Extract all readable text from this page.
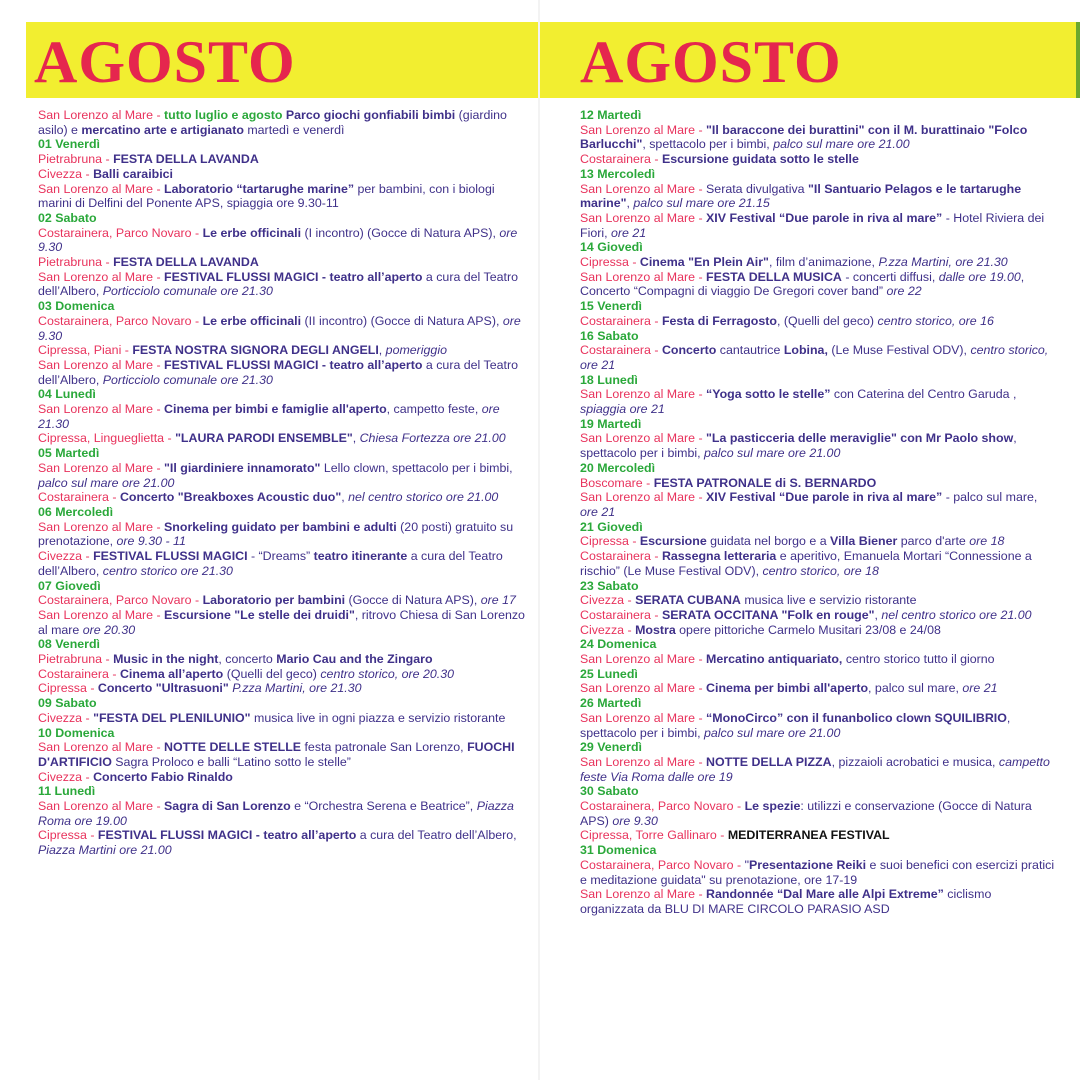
AGOSTO	AGOSTO
San Lorenzo al Mare - tutto luglio e agosto Parco giochi gonfiabili bimbi (giardino asilo) e mercatino arte e artigianato martedì e venerdì
01 Venerdì
Pietrabruna - FESTA DELLA LAVANDA
Civezza - Balli caraibici
San Lorenzo al Mare - Laboratorio “tartarughe marine” per bambini, con i biologi marini di Delfini del Ponente APS, spiaggia ore 9.30-11
02 Sabato
Costarainera, Parco Novaro - Le erbe officinali (I incontro) (Gocce di Natura APS), ore 9.30
Pietrabruna - FESTA DELLA LAVANDA
San Lorenzo al Mare - FESTIVAL FLUSSI MAGICI - teatro all’aperto a cura del Teatro dell’Albero, Porticciolo comunale ore 21.30
03 Domenica
Costarainera, Parco Novaro - Le erbe officinali (II incontro) (Gocce di Natura APS), ore 9.30
Cipressa, Piani - FESTA NOSTRA SIGNORA DEGLI ANGELI, pomeriggio
San Lorenzo al Mare - FESTIVAL FLUSSI MAGICI - teatro all’aperto a cura del Teatro dell’Albero, Porticciolo comunale ore 21.30
04 Lunedì
San Lorenzo al Mare - Cinema per bimbi e famiglie all'aperto, campetto feste, ore 21.30
Cipressa, Lingueglietta - "LAURA PARODI ENSEMBLE", Chiesa Fortezza ore 21.00
05 Martedì
San Lorenzo al Mare - "Il giardiniere innamorato" Lello clown, spettacolo per i bimbi, palco sul mare ore 21.00
Costarainera - Concerto "Breakboxes Acoustic duo", nel centro storico ore 21.00
06 Mercoledì
San Lorenzo al Mare - Snorkeling guidato per bambini e adulti (20 posti) gratuito su prenotazione, ore 9.30 - 11
Civezza - FESTIVAL FLUSSI MAGICI - “Dreams” teatro itinerante a cura del Teatro dell’Albero, centro storico ore 21.30
07 Giovedì
Costarainera, Parco Novaro - Laboratorio per bambini (Gocce di Natura APS), ore 17
San Lorenzo al Mare - Escursione "Le stelle dei druidi", ritrovo Chiesa di San Lorenzo al mare ore 20.30
08 Venerdì
Pietrabruna - Music in the night, concerto Mario Cau and the Zingaro
Costarainera - Cinema all’aperto (Quelli del geco) centro storico, ore 20.30
Cipressa - Concerto "Ultrasuoni" P.zza Martini, ore 21.30
09 Sabato
Civezza - "FESTA DEL PLENILUNIO" musica live in ogni piazza e servizio ristorante
10 Domenica
San Lorenzo al Mare - NOTTE DELLE STELLE festa patronale San Lorenzo, FUOCHI D'ARTIFICIO Sagra Proloco e balli “Latino sotto le stelle”
Civezza - Concerto Fabio Rinaldo
11 Lunedì
San Lorenzo al Mare - Sagra di San Lorenzo e “Orchestra Serena e Beatrice”, Piazza Roma ore 19.00
Cipressa - FESTIVAL FLUSSI MAGICI - teatro all’aperto a cura del Teatro dell’Albero, Piazza Martini ore 21.00
12 Martedì
San Lorenzo al Mare - "Il baraccone dei burattini" con il M. burattinaio "Folco Barlucchi", spettacolo per i bimbi, palco sul mare ore 21.00
Costarainera - Escursione guidata sotto le stelle
13 Mercoledì
San Lorenzo al Mare - Serata divulgativa "Il Santuario Pelagos e le tartarughe marine", palco sul mare ore 21.15
San Lorenzo al Mare - XIV Festival “Due parole in riva al mare” - Hotel Riviera dei Fiori, ore 21
14 Giovedì
Cipressa - Cinema "En Plein Air", film d’animazione, P.zza Martini, ore 21.30
San Lorenzo al Mare - FESTA DELLA MUSICA - concerti diffusi, dalle ore 19.00, Concerto “Compagni di viaggio De Gregori cover band” ore 22
15 Venerdì
Costarainera - Festa di Ferragosto, (Quelli del geco) centro storico, ore 16
16 Sabato
Costarainera - Concerto cantautrice Lobina, (Le Muse Festival ODV), centro storico, ore 21
18 Lunedì
San Lorenzo al Mare - “Yoga sotto le stelle” con Caterina del Centro Garuda , spiaggia ore 21
19 Martedì
San Lorenzo al Mare - "La pasticceria delle meraviglie" con Mr Paolo show, spettacolo per i bimbi, palco sul mare ore 21.00
20 Mercoledì
Boscomare - FESTA PATRONALE di S. BERNARDO
San Lorenzo al Mare - XIV Festival “Due parole in riva al mare” - palco sul mare, ore 21
21 Giovedì
Cipressa - Escursione guidata nel borgo e a Villa Biener parco d'arte ore 18
Costarainera - Rassegna letteraria e aperitivo, Emanuela Mortari “Connessione a rischio” (Le Muse Festival ODV), centro storico, ore 18
23 Sabato
Civezza - SERATA CUBANA musica live e servizio ristorante
Costarainera - SERATA OCCITANA "Folk en rouge", nel centro storico ore 21.00
Civezza - Mostra opere pittoriche Carmelo Musitari 23/08 e 24/08
24 Domenica
San Lorenzo al Mare - Mercatino antiquariato, centro storico tutto il giorno
25 Lunedì
San Lorenzo al Mare - Cinema per bimbi all'aperto, palco sul mare, ore 21
26 Martedì
San Lorenzo al Mare - “MonoCirco” con il funanbolico clown SQUILIBRIO, spettacolo per i bimbi, palco sul mare ore 21.00
29 Venerdì
San Lorenzo al Mare - NOTTE DELLA PIZZA, pizzaioli acrobatici e musica, campetto feste Via Roma dalle ore 19
30 Sabato
Costarainera, Parco Novaro - Le spezie: utilizzi e conservazione (Gocce di Natura APS) ore 9.30
Cipressa, Torre Gallinaro - MEDITERRANEA FESTIVAL
31 Domenica
Costarainera, Parco Novaro - "Presentazione Reiki e suoi benefici con esercizi pratici e meditazione guidata" su prenotazione, ore 17-19
San Lorenzo al Mare - Randonnée “Dal Mare alle Alpi Extreme” ciclismo organizzata da BLU DI MARE CIRCOLO PARASIO ASD
